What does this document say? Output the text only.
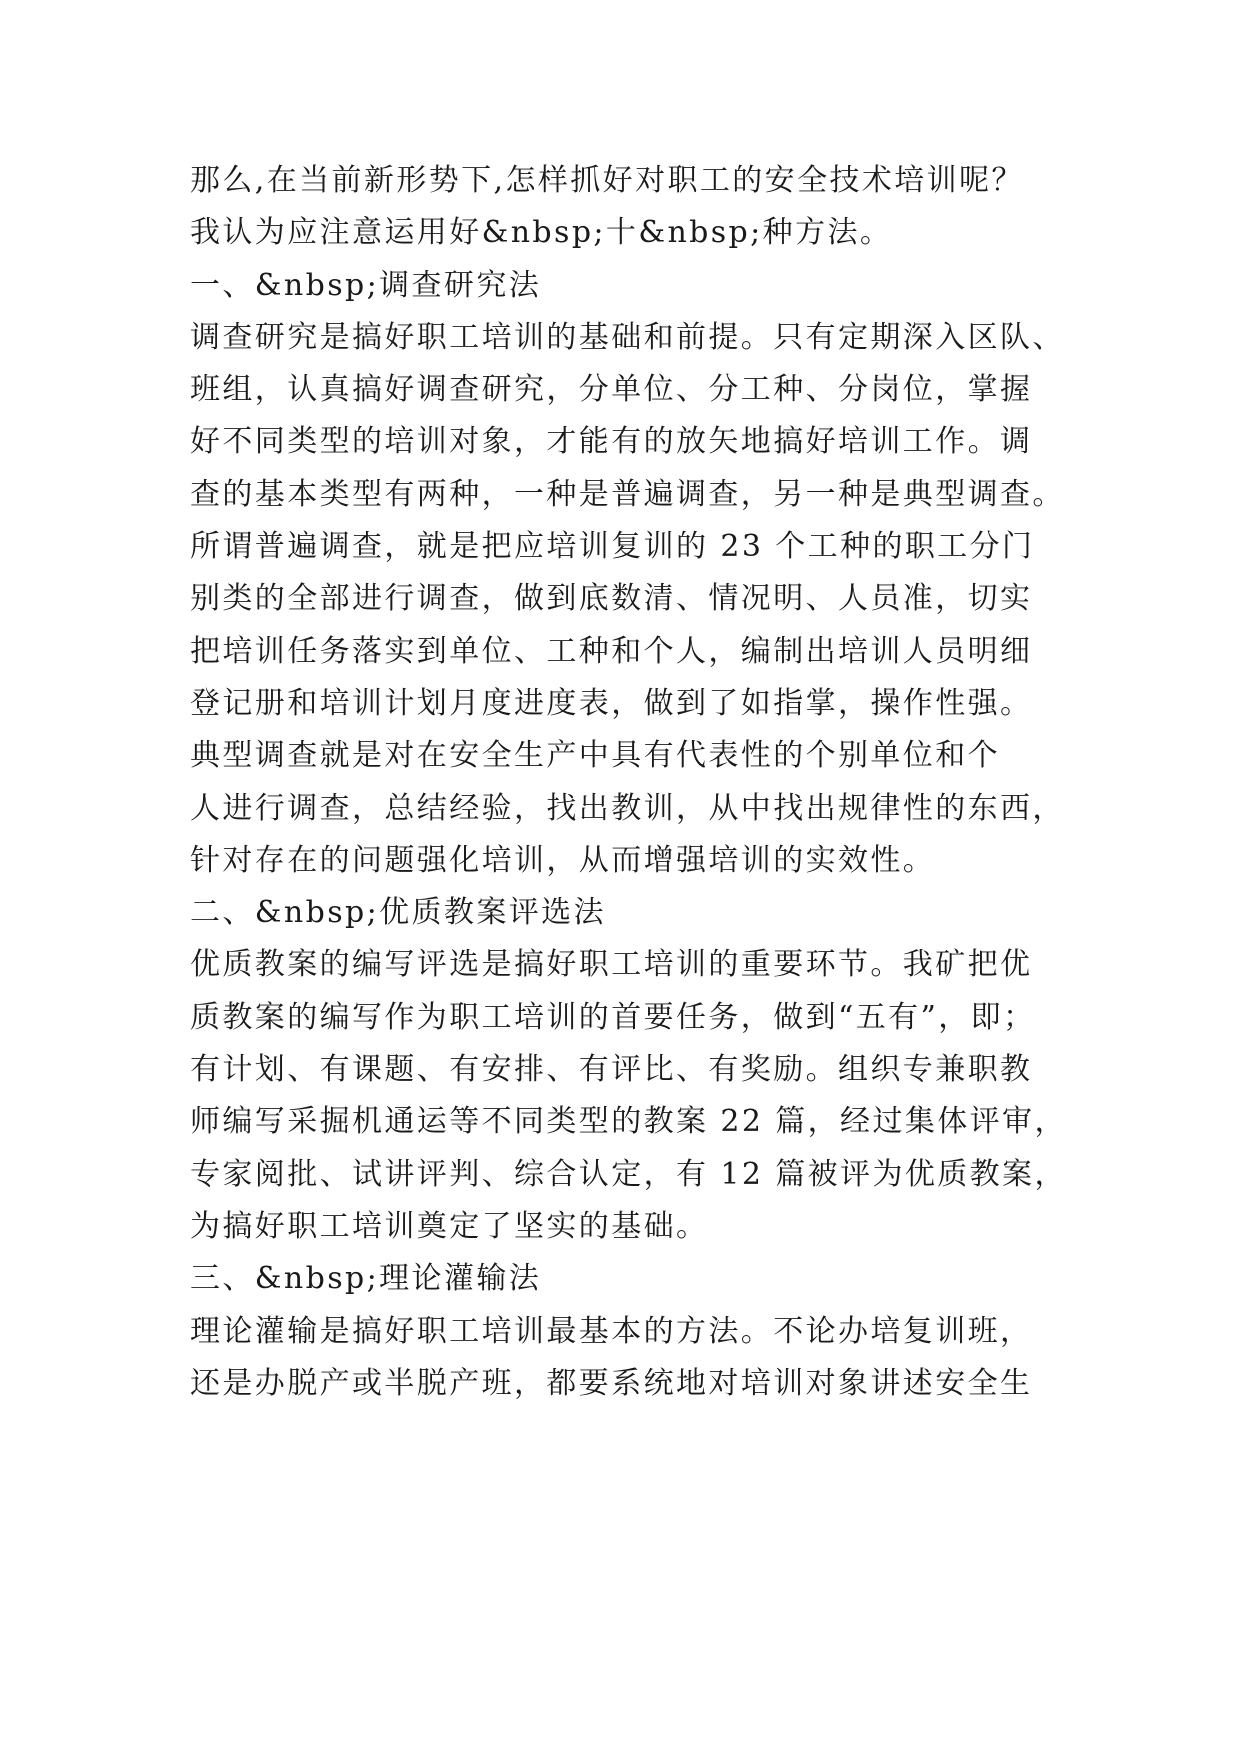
那么,在当前新形势下,怎样抓好对职工的安全技术培训呢？
我认为应注意运用好&nbsp;十&nbsp;种方法。
一、&nbsp;调查研究法
调查研究是搞好职工培训的基础和前提。只有定期深入区队、
班组，认真搞好调查研究，分单位、分工种、分岗位，掌握
好不同类型的培训对象，才能有的放矢地搞好培训工作。调
查的基本类型有两种，一种是普遍调查，另一种是典型调查。
所谓普遍调查，就是把应培训复训的 23 个工种的职工分门
别类的全部进行调查，做到底数清、情况明、人员准，切实
把培训任务落实到单位、工种和个人，编制出培训人员明细
登记册和培训计划月度进度表，做到了如指掌，操作性强。
典型调查就是对在安全生产中具有代表性的个别单位和个
人进行调查，总结经验，找出教训，从中找出规律性的东西，
针对存在的问题强化培训，从而增强培训的实效性。
二、&nbsp;优质教案评选法
优质教案的编写评选是搞好职工培训的重要环节。我矿把优
质教案的编写作为职工培训的首要任务，做到“五有”，即；
有计划、有课题、有安排、有评比、有奖励。组织专兼职教
师编写采掘机通运等不同类型的教案 22 篇，经过集体评审，
专家阅批、试讲评判、综合认定，有 12 篇被评为优质教案，
为搞好职工培训奠定了坚实的基础。
三、&nbsp;理论灌输法
理论灌输是搞好职工培训最基本的方法。不论办培复训班，
还是办脱产或半脱产班，都要系统地对培训对象讲述安全生
